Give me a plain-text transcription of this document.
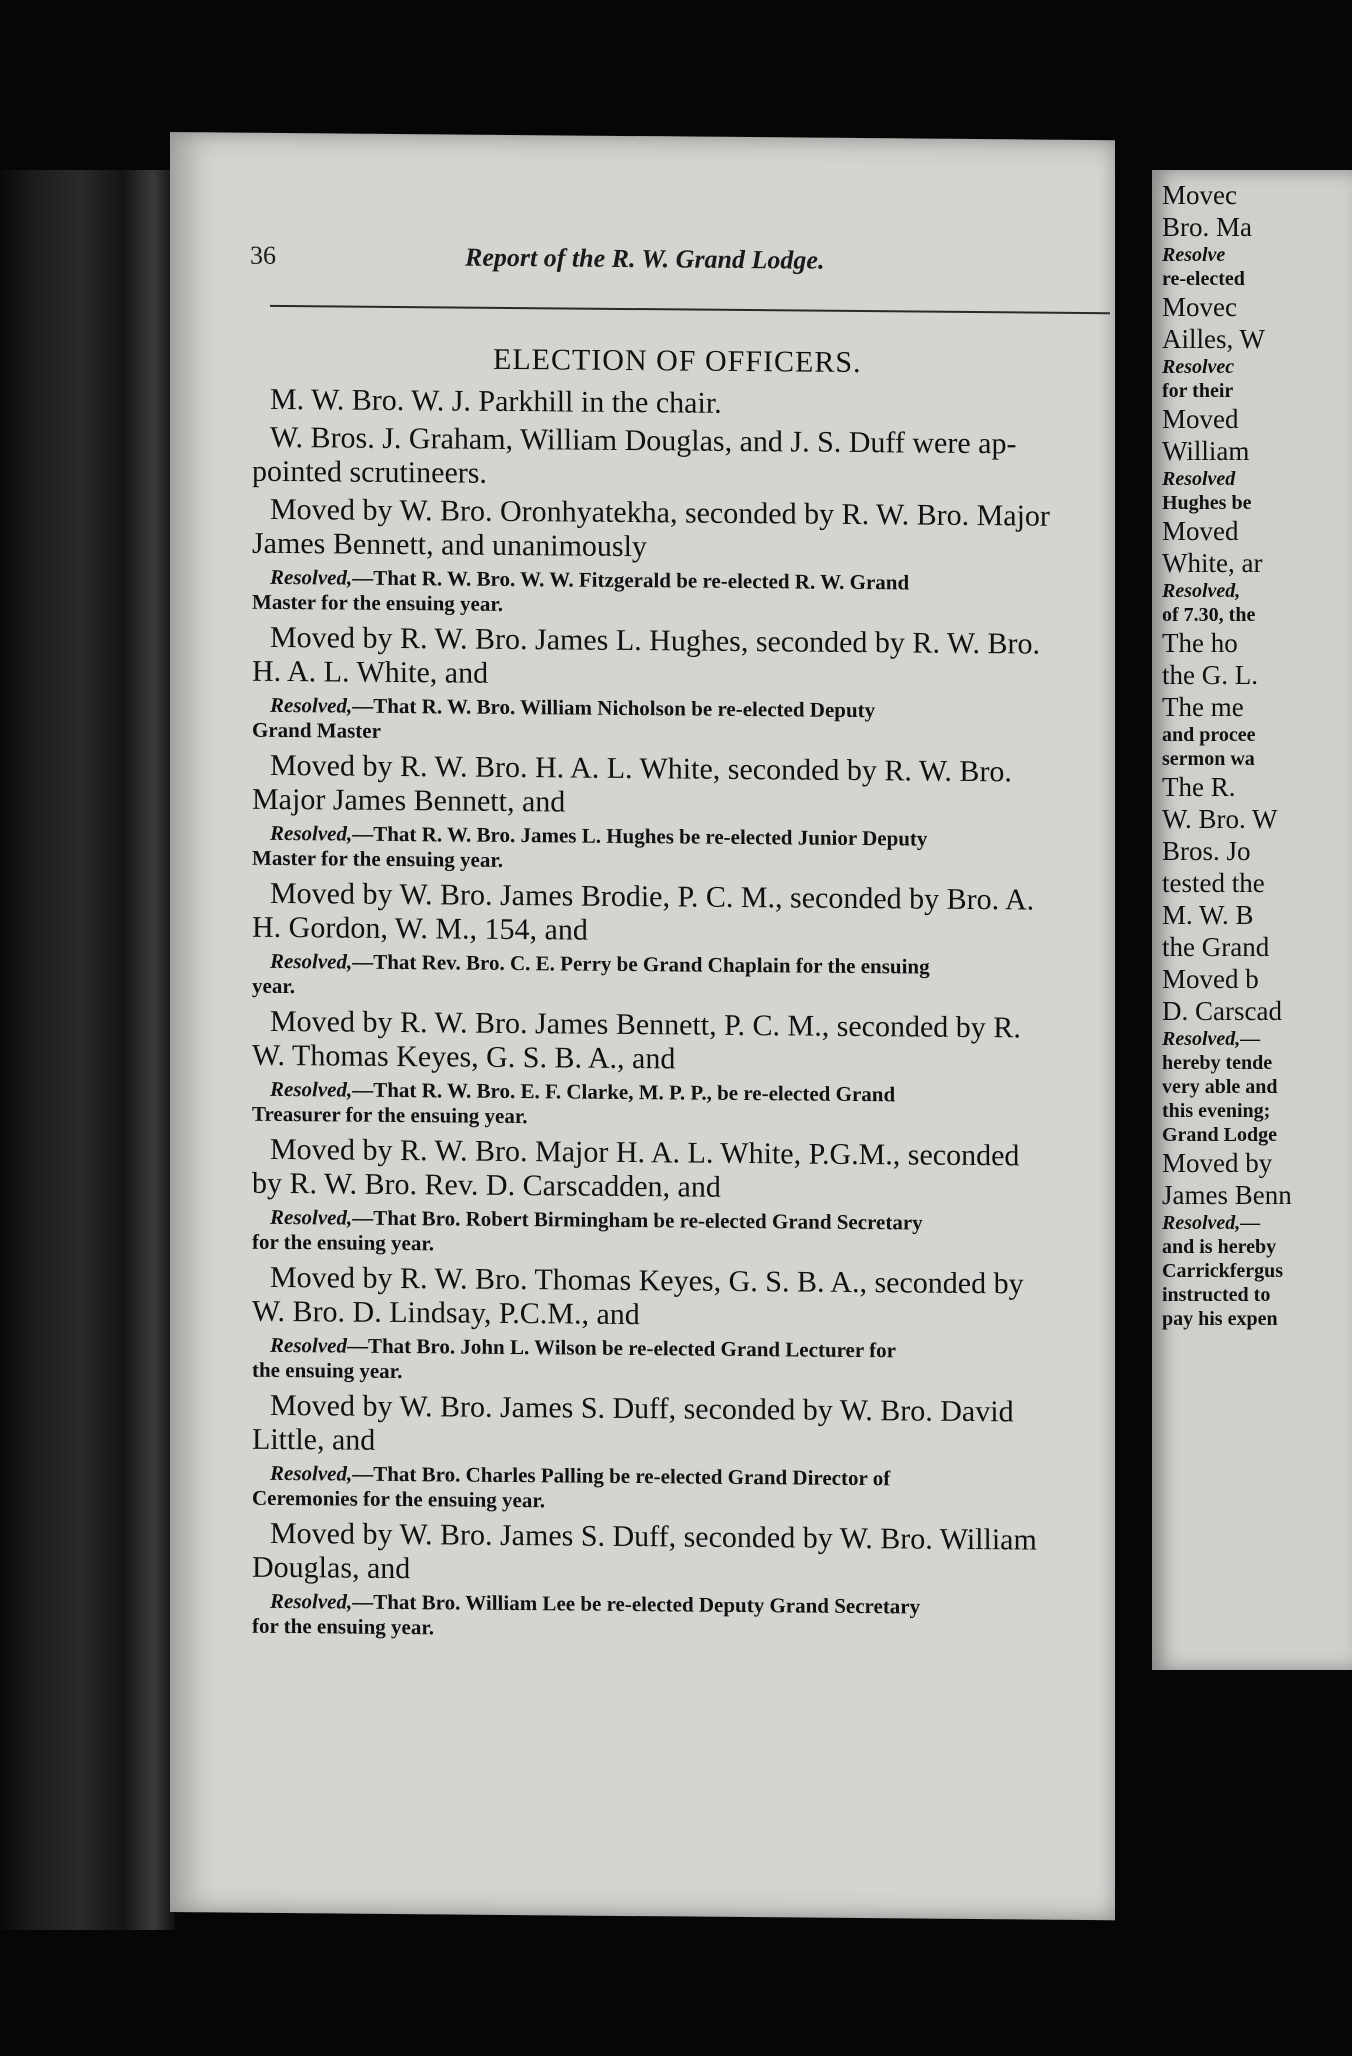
36	Report of the R. W. Grand Lodge.
ELECTION OF OFFICERS.
M. W. Bro. W. J. Parkhill in the chair.
W. Bros. J. Graham, William Douglas, and J. S. Duff were ap-
pointed scrutineers.
Moved by W. Bro. Oronhyatekha, seconded by R. W. Bro. Major
James Bennett, and unanimously
Resolved,—That R. W. Bro. W. W. Fitzgerald be re-elected R. W. Grand
Master for the ensuing year.
Moved by R. W. Bro. James L. Hughes, seconded by R. W. Bro.
H. A. L. White, and
Resolved,—That R. W. Bro. William Nicholson be re-elected Deputy
Grand Master
Moved by R. W. Bro. H. A. L. White, seconded by R. W. Bro.
Major James Bennett, and
Resolved,—That R. W. Bro. James L. Hughes be re-elected Junior Deputy
Master for the ensuing year.
Moved by W. Bro. James Brodie, P. C. M., seconded by Bro. A.
H. Gordon, W. M., 154, and
Resolved,—That Rev. Bro. C. E. Perry be Grand Chaplain for the ensuing
year.
Moved by R. W. Bro. James Bennett, P. C. M., seconded by R.
W. Thomas Keyes, G. S. B. A., and
Resolved,—That R. W. Bro. E. F. Clarke, M. P. P., be re-elected Grand
Treasurer for the ensuing year.
Moved by R. W. Bro. Major H. A. L. White, P.G.M., seconded
by R. W. Bro. Rev. D. Carscadden, and
Resolved,—That Bro. Robert Birmingham be re-elected Grand Secretary
for the ensuing year.
Moved by R. W. Bro. Thomas Keyes, G. S. B. A., seconded by
W. Bro. D. Lindsay, P.C.M., and
Resolved—That Bro. John L. Wilson be re-elected Grand Lecturer for
the ensuing year.
Moved by W. Bro. James S. Duff, seconded by W. Bro. David
Little, and
Resolved,—That Bro. Charles Palling be re-elected Grand Director of
Ceremonies for the ensuing year.
Moved by W. Bro. James S. Duff, seconded by W. Bro. William
Douglas, and
Resolved,—That Bro. William Lee be re-elected Deputy Grand Secretary
for the ensuing year.
Movec
Bro. Ma
Resolve
re-elected
Movec
Ailles, W
Resolvec
for their
Moved
William
Resolved
Hughes be
Moved
White, ar
Resolved,
of 7.30, the
The ho
the G. L.
The me
and procee
sermon wa
The R.
W. Bro. W
Bros. Jo
tested the
M. W. B
the Grand
Moved b
D. Carscad
Resolved,—
hereby tende
very able and
this evening;
Grand Lodge
Moved by
James Benn
Resolved,—
and is hereby
Carrickfergus
instructed to
pay his expen
